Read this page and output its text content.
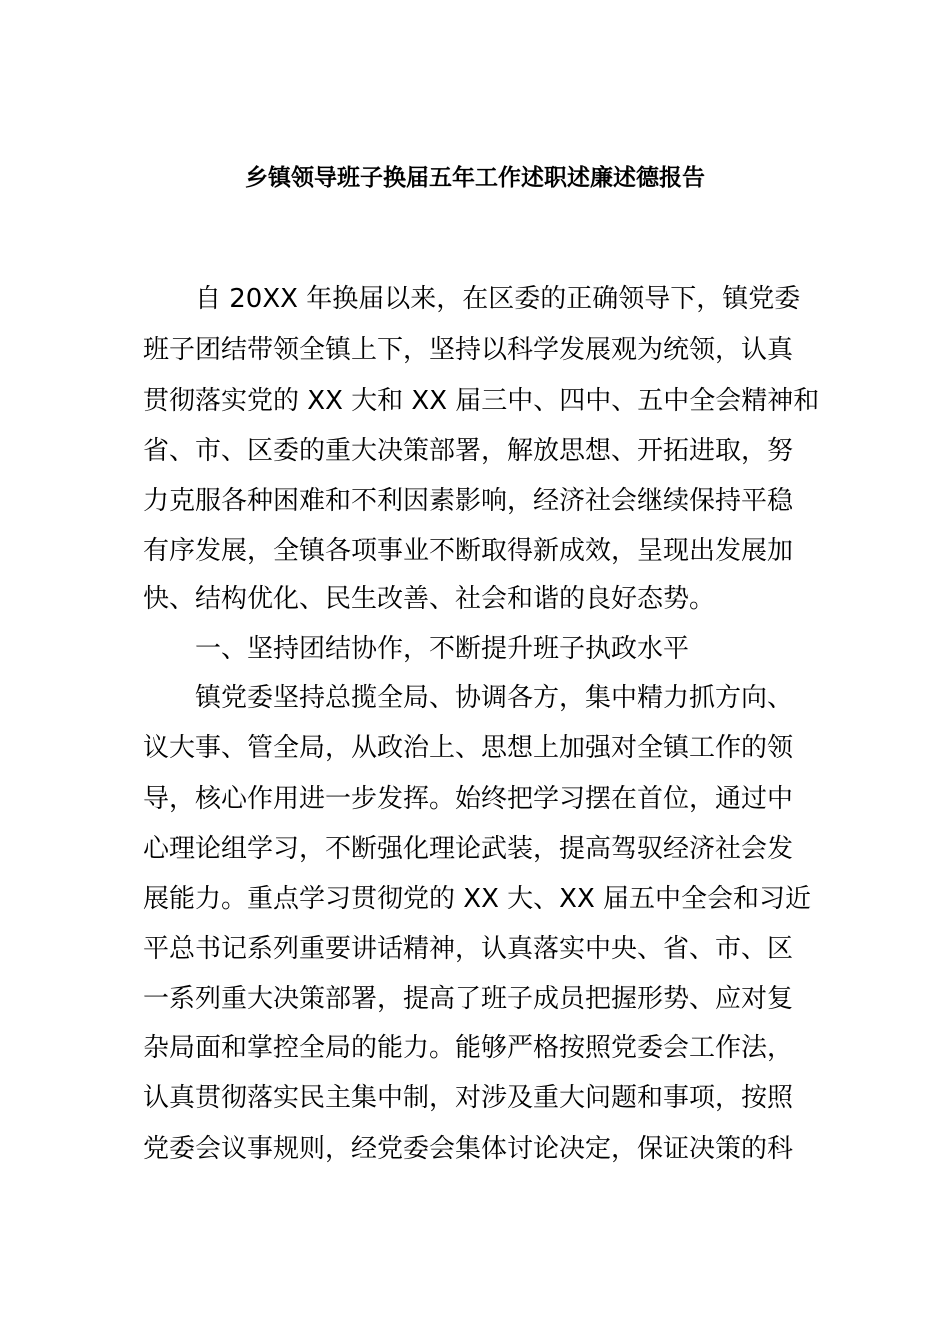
乡镇领导班子换届五年工作述职述廉述德报告
自 20XX 年换届以来，在区委的正确领导下，镇党委
班子团结带领全镇上下，坚持以科学发展观为统领，认真
贯彻落实党的 XX 大和 XX 届三中、四中、五中全会精神和
省、市、区委的重大决策部署，解放思想、开拓进取，努
力克服各种困难和不利因素影响，经济社会继续保持平稳
有序发展，全镇各项事业不断取得新成效，呈现出发展加
快、结构优化、民生改善、社会和谐的良好态势。
一、坚持团结协作，不断提升班子执政水平
镇党委坚持总揽全局、协调各方，集中精力抓方向、
议大事、管全局，从政治上、思想上加强对全镇工作的领
导，核心作用进一步发挥。始终把学习摆在首位，通过中
心理论组学习，不断强化理论武装，提高驾驭经济社会发
展能力。重点学习贯彻党的 XX 大、XX 届五中全会和习近
平总书记系列重要讲话精神，认真落实中央、省、市、区
一系列重大决策部署，提高了班子成员把握形势、应对复
杂局面和掌控全局的能力。能够严格按照党委会工作法，
认真贯彻落实民主集中制，对涉及重大问题和事项，按照
党委会议事规则，经党委会集体讨论决定，保证决策的科
